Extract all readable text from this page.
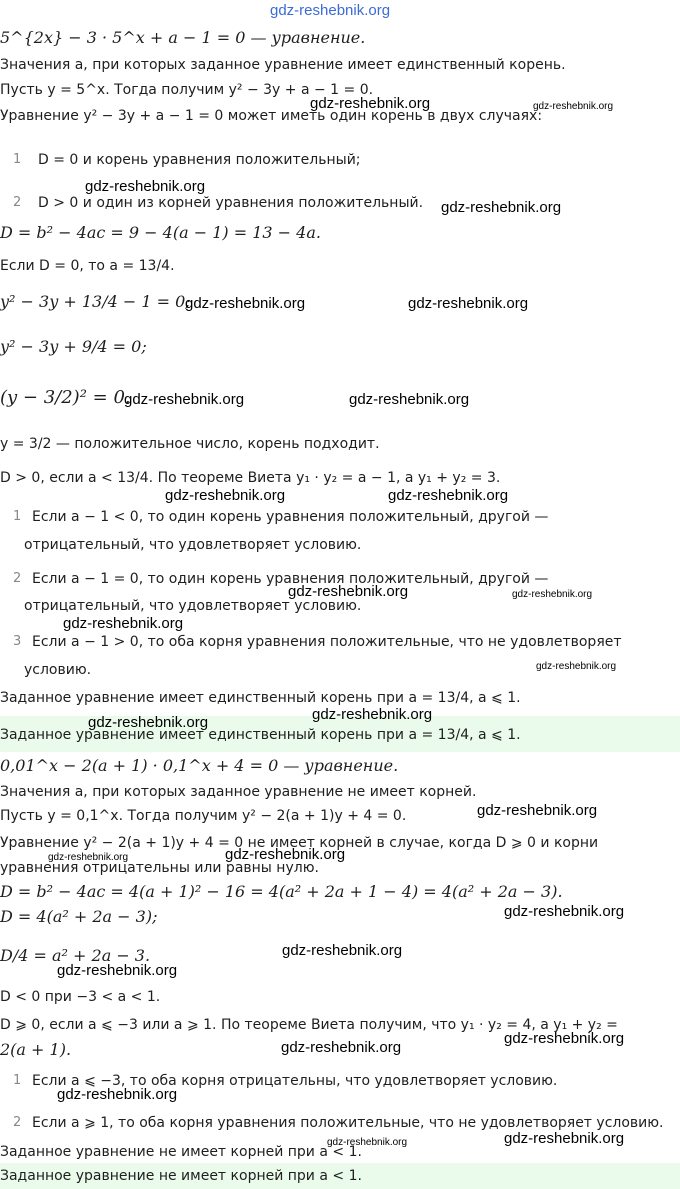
gdz-reshebnik.org
5^{2x} − 3 · 5^x + a − 1 = 0 — уравнение.
Значения a, при которых заданное уравнение имеет единственный корень.
Пусть y = 5^x. Тогда получим y² − 3y + a − 1 = 0.
Уравнение y² − 3y + a − 1 = 0 может иметь один корень в двух случаях:
1 D = 0 и корень уравнения положительный;
2 D > 0 и один из корней уравнения положительный.
D = b² − 4ac = 9 − 4(a − 1) = 13 − 4a.
Если D = 0, то a = 13/4.
y² − 3y + 13/4 − 1 = 0;
y² − 3y + 9/4 = 0;
(y − 3/2)² = 0.
y = 3/2 — положительное число, корень подходит.
D > 0, если a < 13/4. По теореме Виета y₁ · y₂ = a − 1, а y₁ + y₂ = 3.
1 Если a − 1 < 0, то один корень уравнения положительный, другой —
отрицательный, что удовлетворяет условию.
2 Если a − 1 = 0, то один корень уравнения положительный, другой —
отрицательный, что удовлетворяет условию.
3 Если a − 1 > 0, то оба корня уравнения положительные, что не удовлетворяет
условию.
Заданное уравнение имеет единственный корень при a = 13/4, a ⩽ 1.
Заданное уравнение имеет единственный корень при a = 13/4, a ⩽ 1.
0,01^x − 2(a + 1) · 0,1^x + 4 = 0 — уравнение.
Значения a, при которых заданное уравнение не имеет корней.
Пусть y = 0,1^x. Тогда получим y² − 2(a + 1)y + 4 = 0.
Уравнение y² − 2(a + 1)y + 4 = 0 не имеет корней в случае, когда D ⩾ 0 и корни
уравнения отрицательны или равны нулю.
D = b² − 4ac = 4(a + 1)² − 16 = 4(a² + 2a + 1 − 4) = 4(a² + 2a − 3).
D = 4(a² + 2a − 3);
D/4 = a² + 2a − 3.
D < 0 при −3 < a < 1.
D ⩾ 0, если a ⩽ −3 или a ⩾ 1. По теореме Виета получим, что y₁ · y₂ = 4, а y₁ + y₂ =
2(a + 1).
1 Если a ⩽ −3, то оба корня отрицательны, что удовлетворяет условию.
2 Если a ⩾ 1, то оба корня уравнения положительные, что не удовлетворяет условию.
Заданное уравнение не имеет корней при a < 1.
Заданное уравнение не имеет корней при a < 1.
gdz-reshebnik.org	gdz-reshebnik.org
gdz-reshebnik.org
gdz-reshebnik.org
gdz-reshebnik.org	gdz-reshebnik.org
gdz-reshebnik.org	gdz-reshebnik.org
gdz-reshebnik.org	gdz-reshebnik.org
gdz-reshebnik.org	gdz-reshebnik.org
gdz-reshebnik.org
gdz-reshebnik.org
gdz-reshebnik.org	gdz-reshebnik.org
gdz-reshebnik.org
gdz-reshebnik.org	gdz-reshebnik.org
gdz-reshebnik.org
gdz-reshebnik.org
gdz-reshebnik.org
gdz-reshebnik.org
gdz-reshebnik.org
gdz-reshebnik.org
gdz-reshebnik.org	gdz-reshebnik.org
